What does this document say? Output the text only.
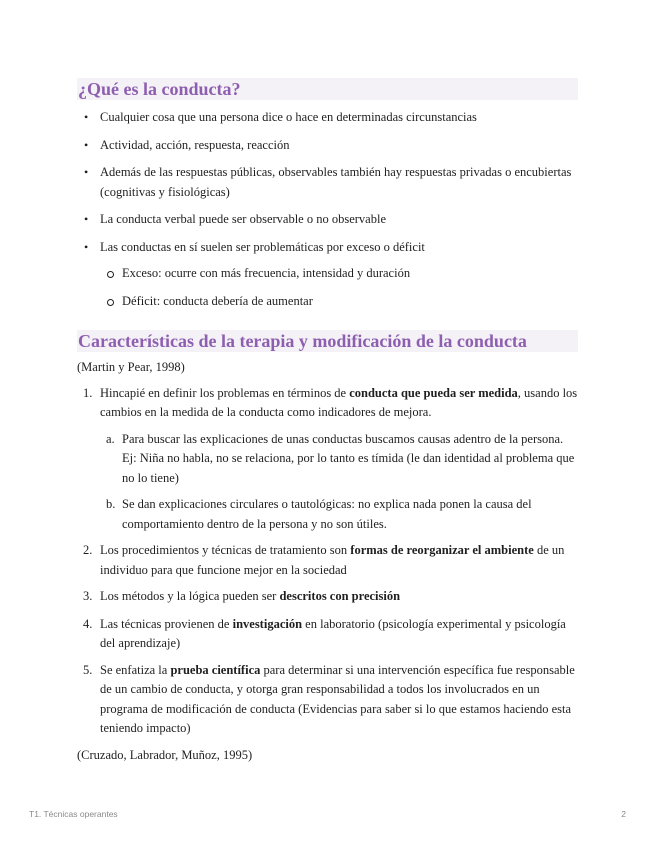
¿Qué es la conducta?
• Cualquier cosa que una persona dice o hace en determinadas circunstancias
• Actividad, acción, respuesta, reacción
• Además de las respuestas públicas, observables también hay respuestas privadas o encubiertas (cognitivas y fisiológicas)
• La conducta verbal puede ser observable o no observable
• Las conductas en sí suelen ser problemáticas por exceso o déficit
Exceso: ocurre con más frecuencia, intensidad y duración
Déficit: conducta debería de aumentar
Características de la terapia y modificación de la conducta
(Martin y Pear, 1998)
1. Hincapié en definir los problemas en términos de conducta que pueda ser medida, usando los cambios en la medida de la conducta como indicadores de mejora.
a. Para buscar las explicaciones de unas conductas buscamos causas adentro de la persona. Ej: Niña no habla, no se relaciona, por lo tanto es tímida (le dan identidad al problema que no lo tiene)
b. Se dan explicaciones circulares o tautológicas: no explica nada ponen la causa del comportamiento dentro de la persona y no son útiles.
2. Los procedimientos y técnicas de tratamiento son formas de reorganizar el ambiente de un individuo para que funcione mejor en la sociedad
3. Los métodos y la lógica pueden ser descritos con precisión
4. Las técnicas provienen de investigación en laboratorio (psicología experimental y psicología del aprendizaje)
5. Se enfatiza la prueba científica para determinar si una intervención específica fue responsable de un cambio de conducta, y otorga gran responsabilidad a todos los involucrados en un programa de modificación de conducta (Evidencias para saber si lo que estamos haciendo esta teniendo impacto)
(Cruzado, Labrador, Muñoz, 1995)
T1. Técnicas operantes	2
